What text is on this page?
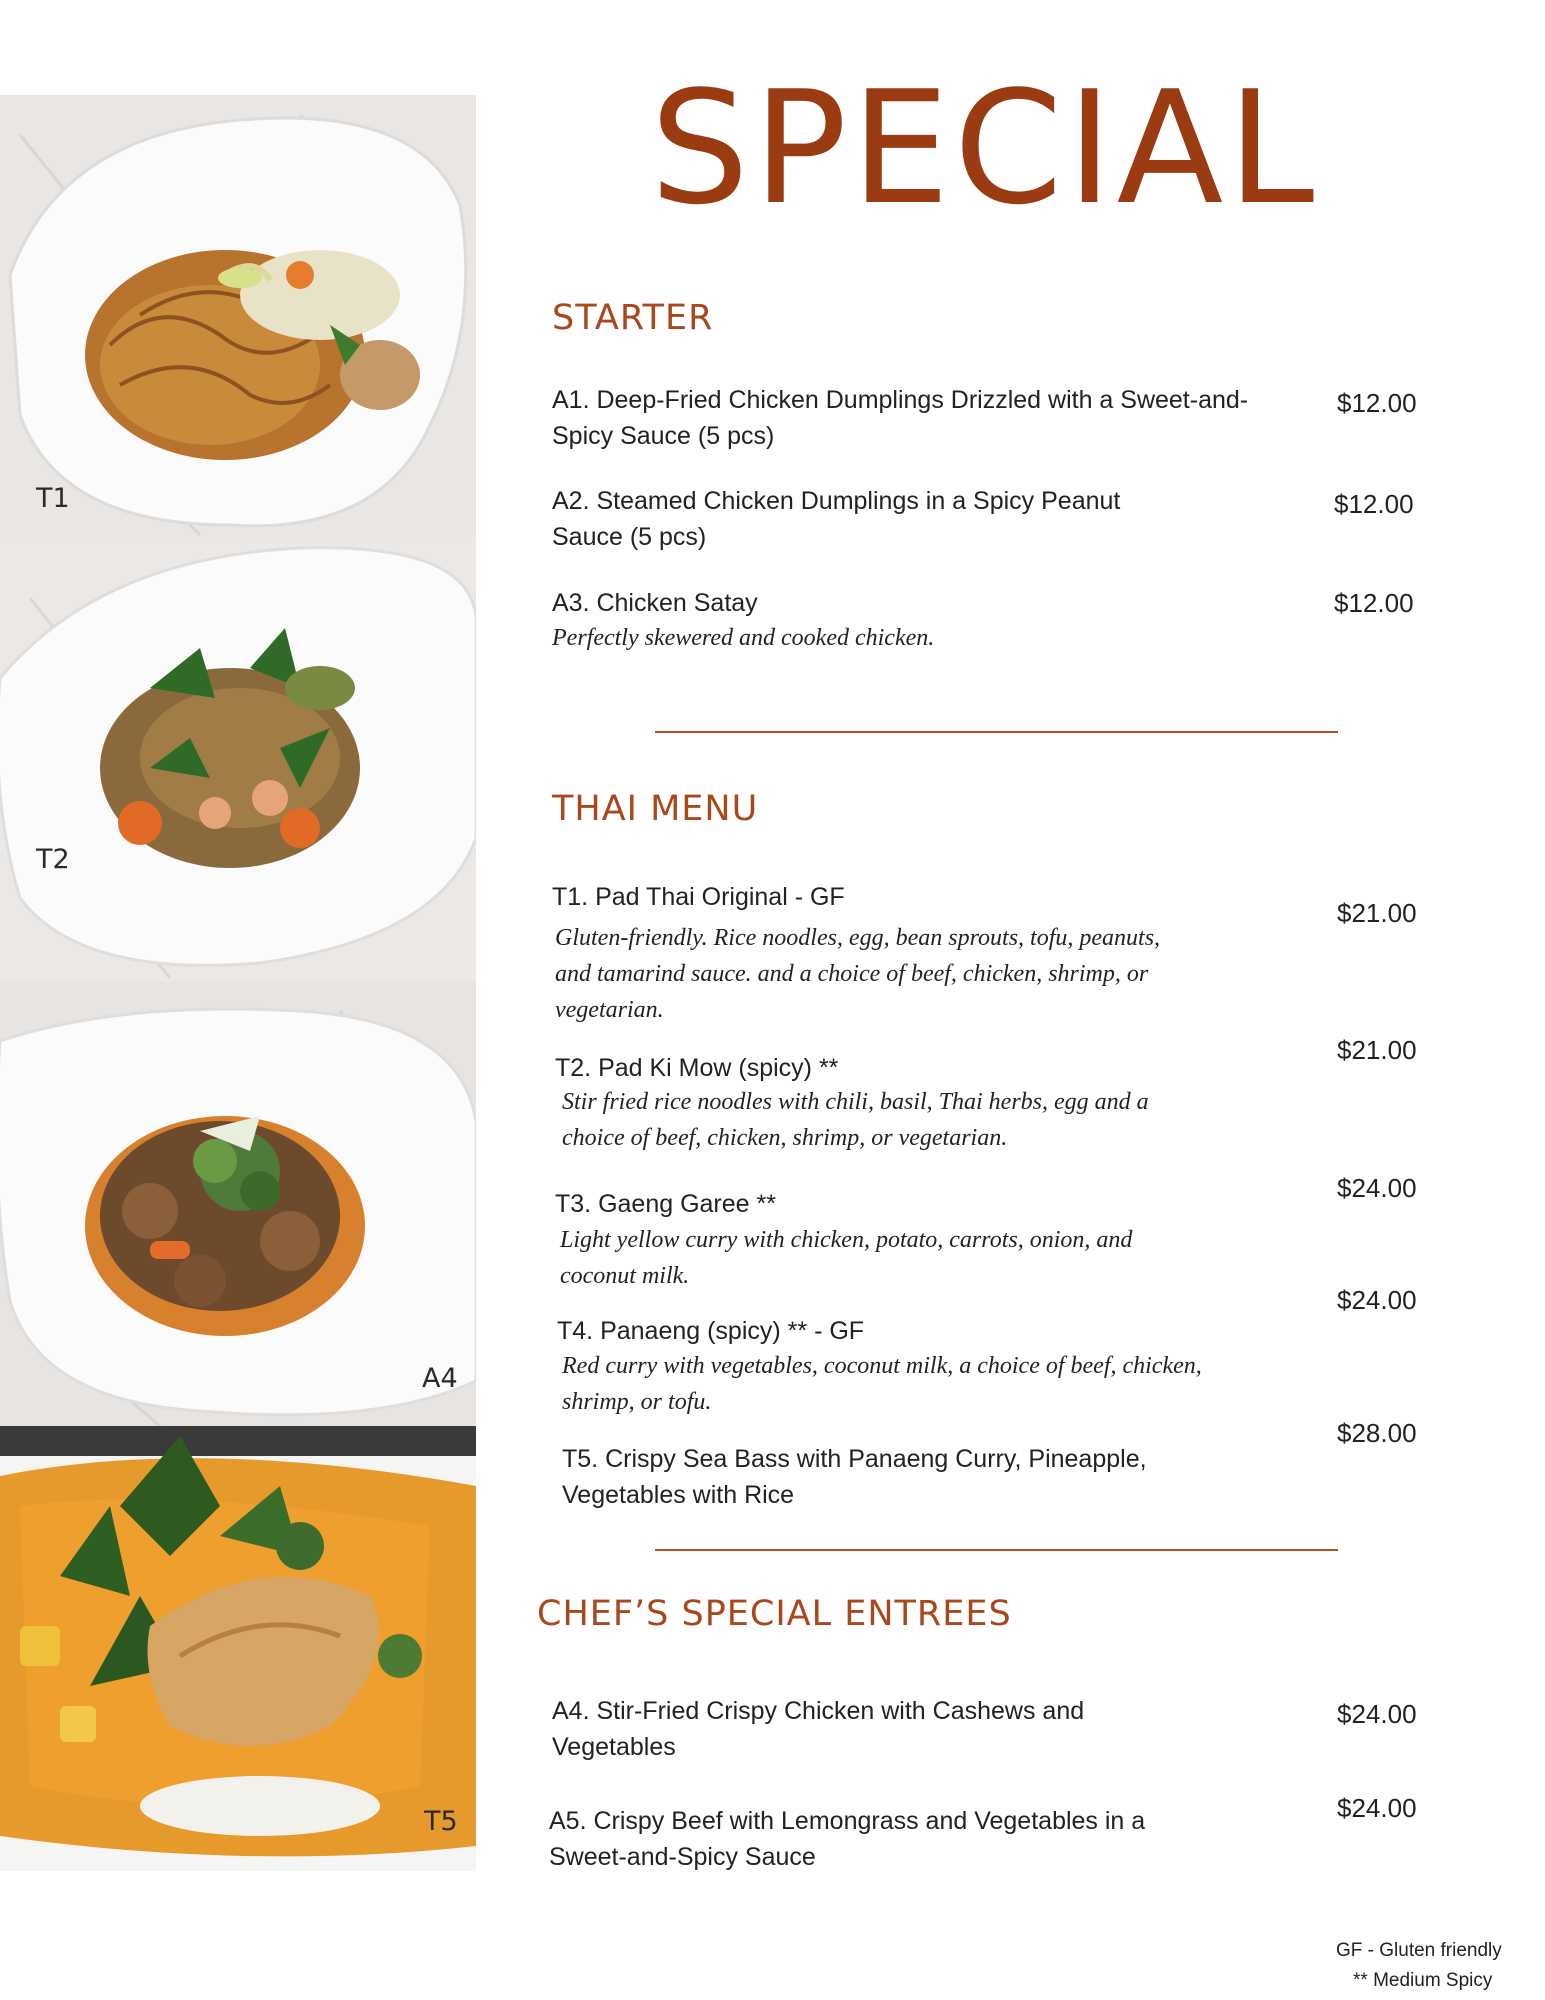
T1
T2
A4
T5
SPECIAL
STARTER
A1. Deep-Fried Chicken Dumplings Drizzled with a Sweet-and-Spicy Sauce (5 pcs)
$12.00
A2. Steamed Chicken Dumplings in a Spicy Peanut Sauce (5 pcs)
$12.00
A3. Chicken Satay
Perfectly skewered and cooked chicken.
$12.00
THAI MENU
T1. Pad Thai Original - GF
Gluten-friendly. Rice noodles, egg, bean sprouts, tofu, peanuts, and tamarind sauce. and a choice of beef, chicken, shrimp, or vegetarian.
$21.00
T2. Pad Ki Mow (spicy) **
Stir fried rice noodles with chili, basil, Thai herbs, egg and a choice of beef, chicken, shrimp, or vegetarian.
$21.00
T3. Gaeng Garee **
Light yellow curry with chicken, potato, carrots, onion, and coconut milk.
$24.00
T4. Panaeng (spicy) ** - GF
Red curry with vegetables, coconut milk, a choice of beef, chicken, shrimp, or tofu.
$24.00
T5. Crispy Sea Bass with Panaeng Curry, Pineapple, Vegetables with Rice
$28.00
CHEF’S SPECIAL ENTREES
A4. Stir-Fried Crispy Chicken with Cashews and Vegetables
$24.00
A5. Crispy Beef with Lemongrass and Vegetables in a Sweet-and-Spicy Sauce
$24.00
GF - Gluten friendly
** Medium Spicy
